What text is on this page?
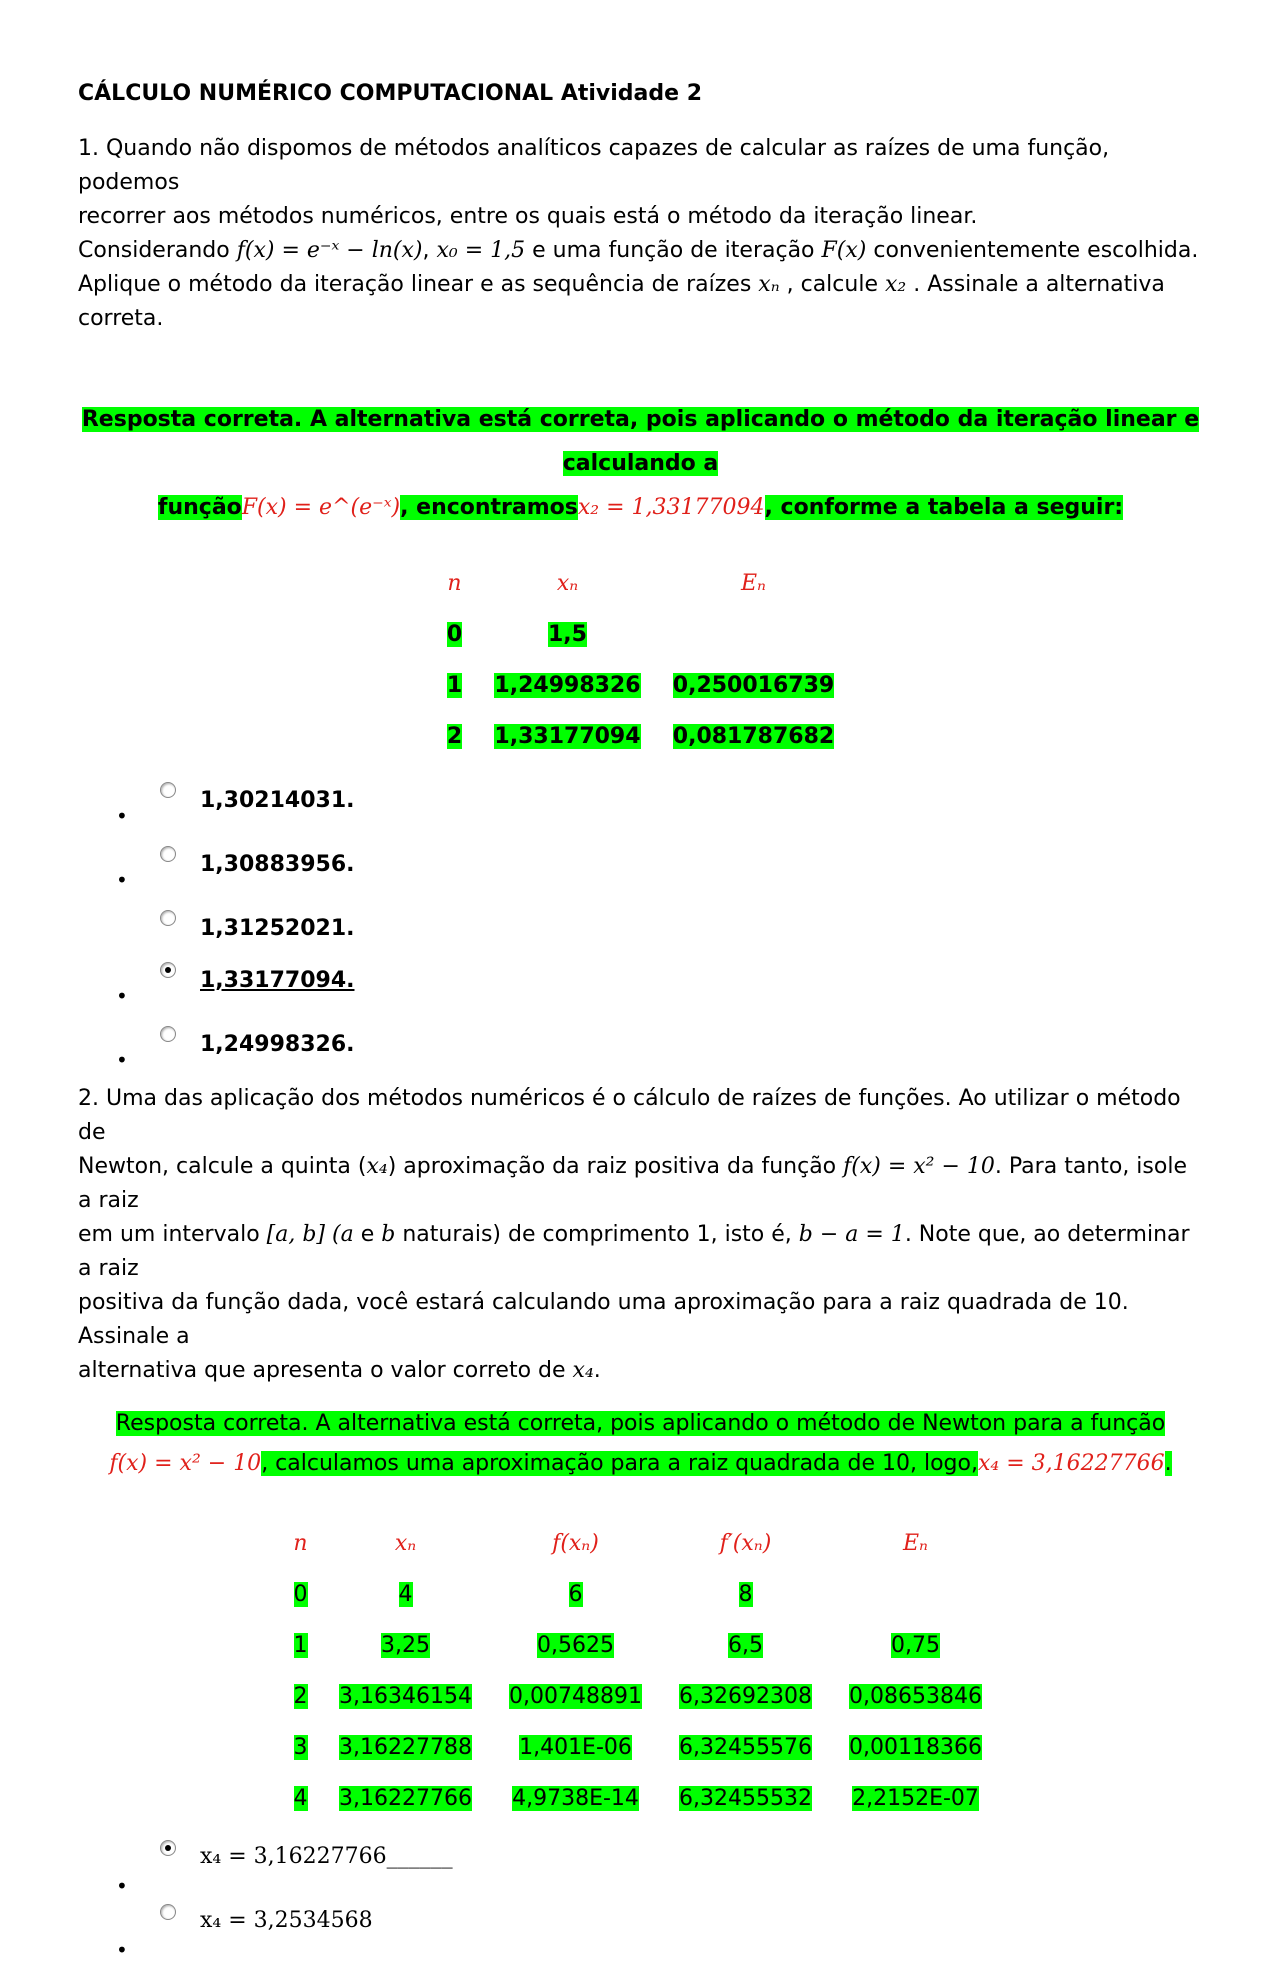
CÁLCULO NUMÉRICO COMPUTACIONAL Atividade 2

1. Quando não dispomos de métodos analíticos capazes de calcular as raízes de uma função, podemos

recorrer aos métodos numéricos, entre os quais está o método da iteração linear.

Considerando f(x) = e⁻ˣ − ln(x), x₀ = 1,5 e uma função de iteração F(x) convenientemente escolhida.

Aplique o método da iteração linear e as sequência de raízes xₙ , calcule x₂ . Assinale a alternativa correta.

Resposta correta. A alternativa está correta, pois aplicando o método da iteração linear e calculando a
funçãoF(x) = e^(e⁻ˣ), encontramosx₂ = 1,33177094, conforme a tabela a seguir:
n	xₙ	Eₙ
0	1,5	
1	1,24998326	0,250016739
2	1,33177094	0,081787682
•
1,30214031.
•
1,30883956.
1,31252021.
•
1,33177094.
•
1,24998326.

2. Uma das aplicação dos métodos numéricos é o cálculo de raízes de funções. Ao utilizar o método de

Newton, calcule a quinta (x₄) aproximação da raiz positiva da função f(x) = x² − 10. Para tanto, isole a raiz

em um intervalo [a, b] (a e b naturais) de comprimento 1, isto é, b − a = 1. Note que, ao determinar a raiz

positiva da função dada, você estará calculando uma aproximação para a raiz quadrada de 10. Assinale a

alternativa que apresenta o valor correto de x₄.

Resposta correta. A alternativa está correta, pois aplicando o método de Newton para a função
f(x) = x² − 10, calculamos uma aproximação para a raiz quadrada de 10, logo,x₄ = 3,16227766.
n	xₙ	f(xₙ)	f′(xₙ)	Eₙ
0	4	6	8	
1	3,25	0,5625	6,5	0,75
2	3,16346154	0,00748891	6,32692308	0,08653846
3	3,16227788	1,401E-06	6,32455576	0,00118366
4	3,16227766	4,9738E-14	6,32455532	2,2152E-07
•
x₄ = 3,16227766______
•
x₄ = 3,2534568
